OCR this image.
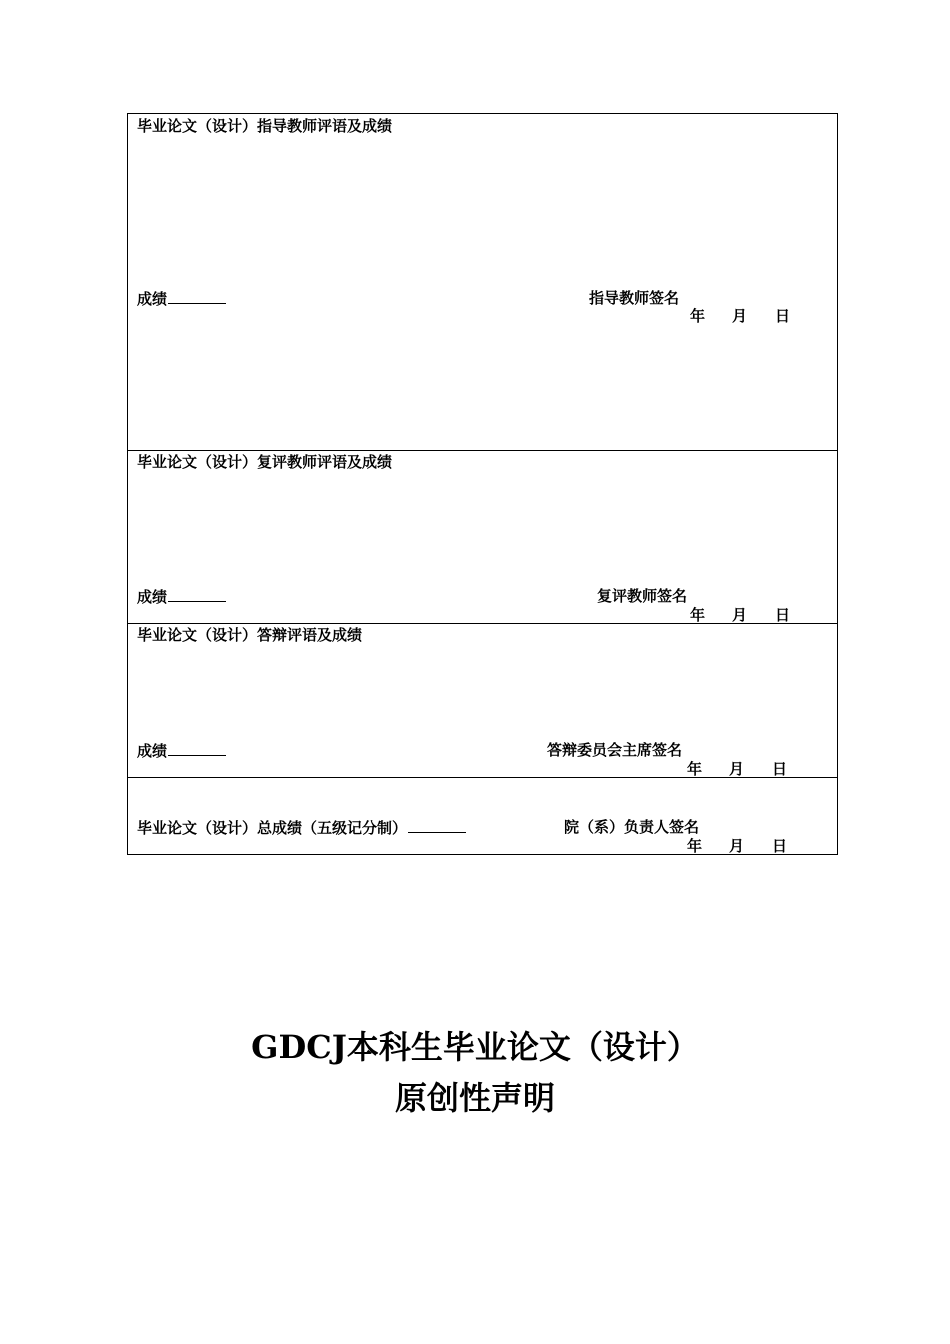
毕业论文（设计）指导教师评语及成绩
成绩	指导教师签名
年 月 日
毕业论文（设计）复评教师评语及成绩
成绩	复评教师签名
年 月 日
毕业论文（设计）答辩评语及成绩
成绩	答辩委员会主席签名
年 月 日
毕业论文（设计）总成绩（五级记分制）	院（系）负责人签名
年 月 日
GDCJ本科生毕业论文（设计）
原创性声明
